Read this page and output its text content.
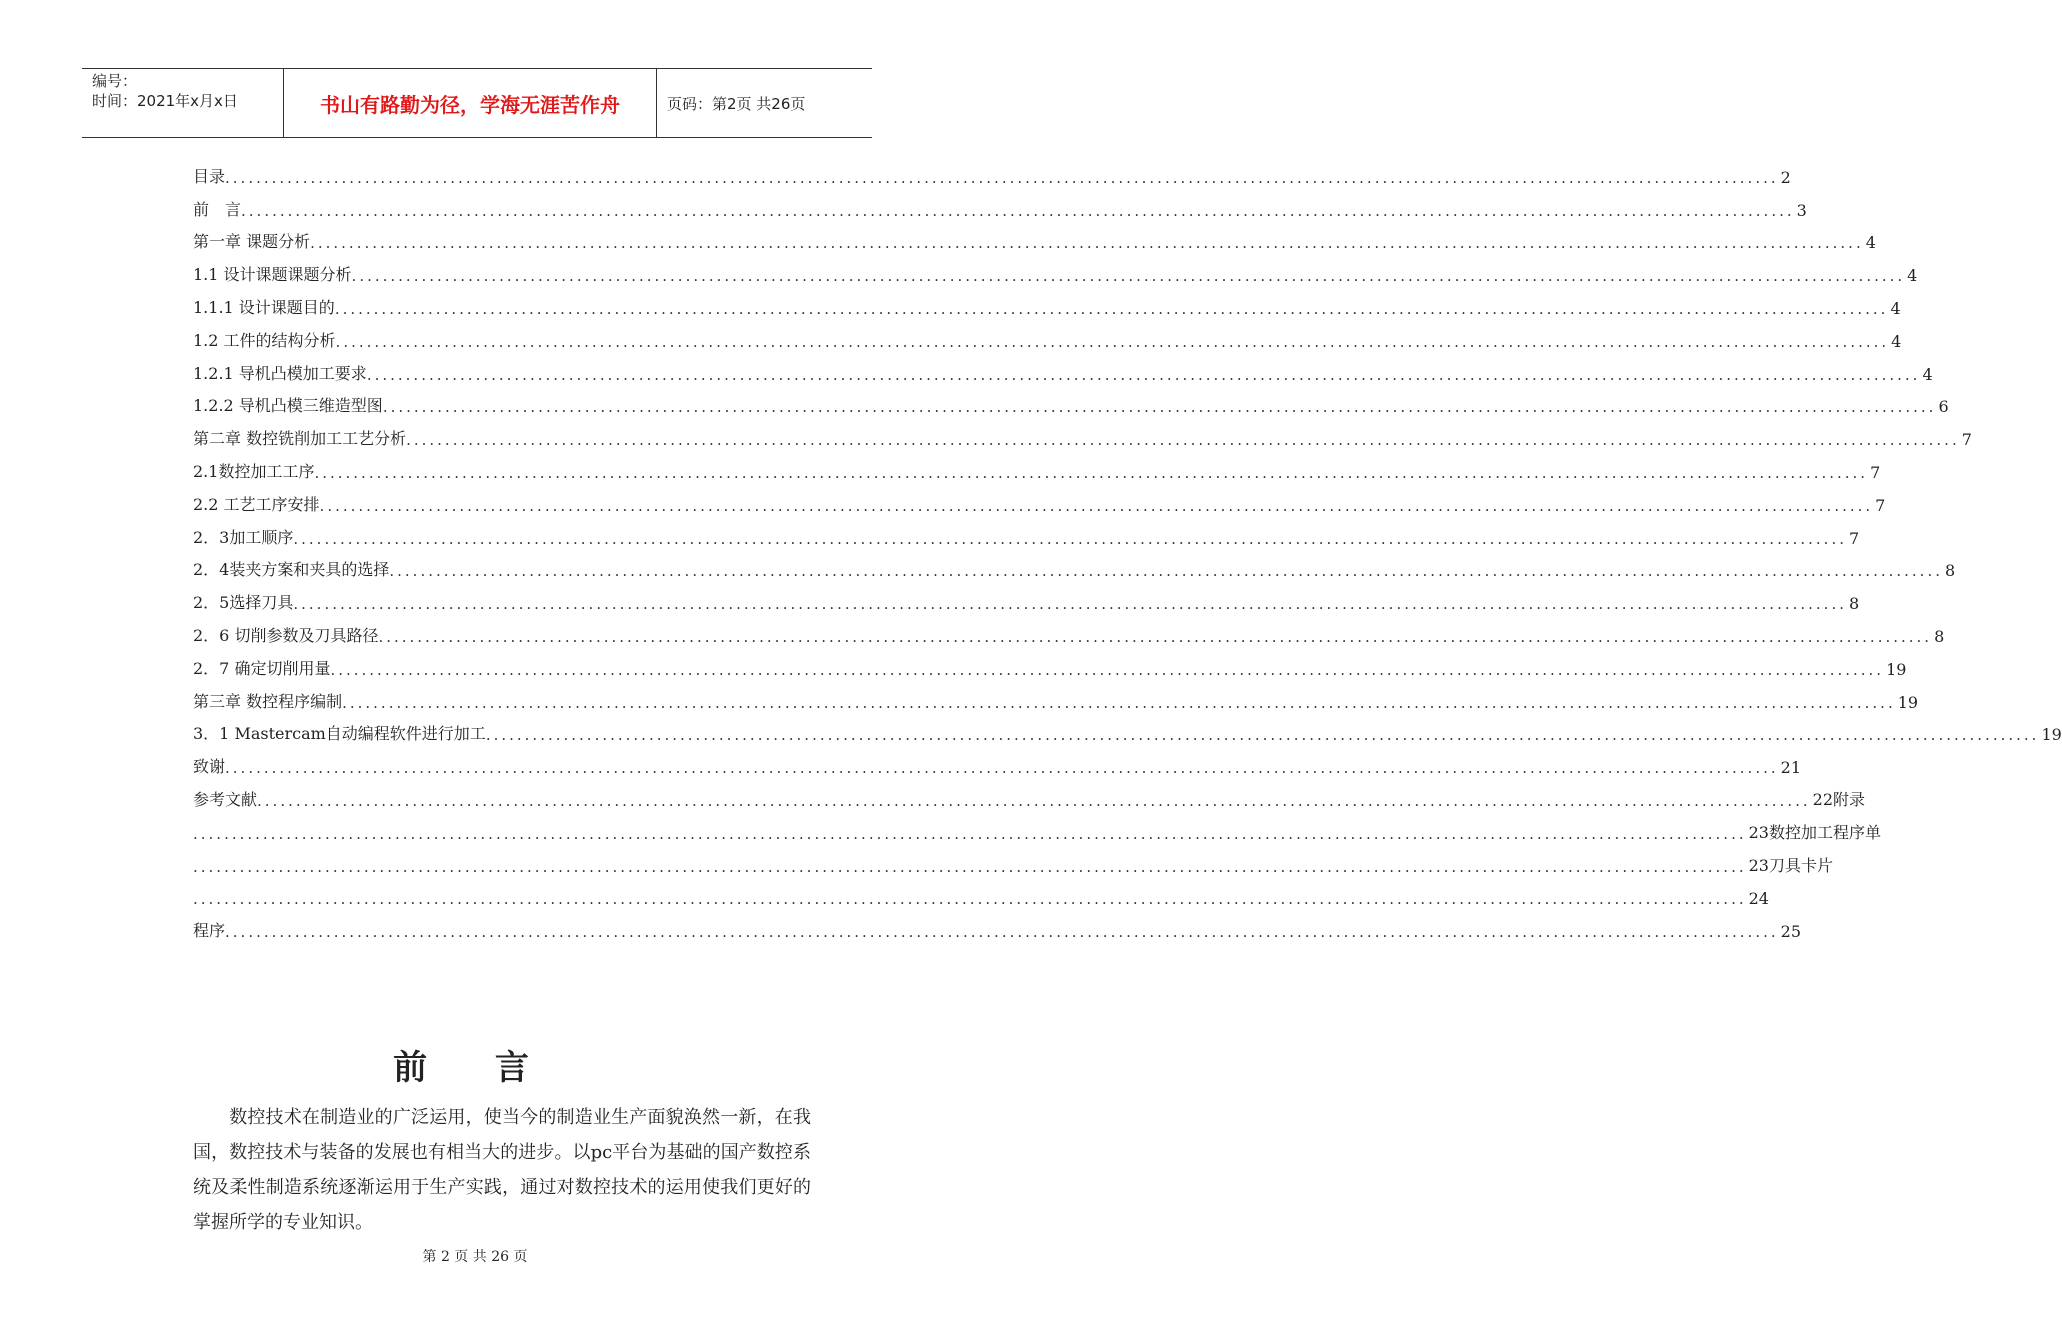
编号：
时间：2021年x月x日	书山有路勤为径，学海无涯苦作舟	页码：第2页 共26页
目录 ........................................................................................................................................................................................................ 2
前　言 ........................................................................................................................................................................................................ 3
第一章 课题分析 ........................................................................................................................................................................................................ 4
1.1 设计课题课题分析 ........................................................................................................................................................................................................ 4
1.1.1 设计课题目的 ........................................................................................................................................................................................................ 4
1.2 工件的结构分析 ........................................................................................................................................................................................................ 4
1.2.1 导机凸模加工要求 ........................................................................................................................................................................................................ 4
1.2.2 导机凸模三维造型图 ........................................................................................................................................................................................................ 6
第二章 数控铣削加工工艺分析 ........................................................................................................................................................................................................ 7
2.1数控加工工序 ........................................................................................................................................................................................................ 7
2.2 工艺工序安排 ........................................................................................................................................................................................................ 7
2．3加工顺序 ........................................................................................................................................................................................................ 7
2．4装夹方案和夹具的选择 ........................................................................................................................................................................................................ 8
2．5选择刀具 ........................................................................................................................................................................................................ 8
2．6 切削参数及刀具路径 ........................................................................................................................................................................................................ 8
2．7 确定切削用量 ........................................................................................................................................................................................................ 19
第三章 数控程序编制 ........................................................................................................................................................................................................ 19
3．1 Mastercam自动编程软件进行加工 ........................................................................................................................................................................................................ 19
致谢 ........................................................................................................................................................................................................ 21
参考文献 ........................................................................................................................................................................................................ 22附录
........................................................................................................................................................................................................ 23数控加工程序单
........................................................................................................................................................................................................ 23刀具卡片
........................................................................................................................................................................................................ 24
程序 ........................................................................................................................................................................................................ 25
前 言
数控技术在制造业的广泛运用，使当今的制造业生产面貌涣然一新，在我国，数控技术与装备的发展也有相当大的进步。以pc平台为基础的国产数控系统及柔性制造系统逐渐运用于生产实践，通过对数控技术的运用使我们更好的掌握所学的专业知识。
第 2 页 共 26 页
